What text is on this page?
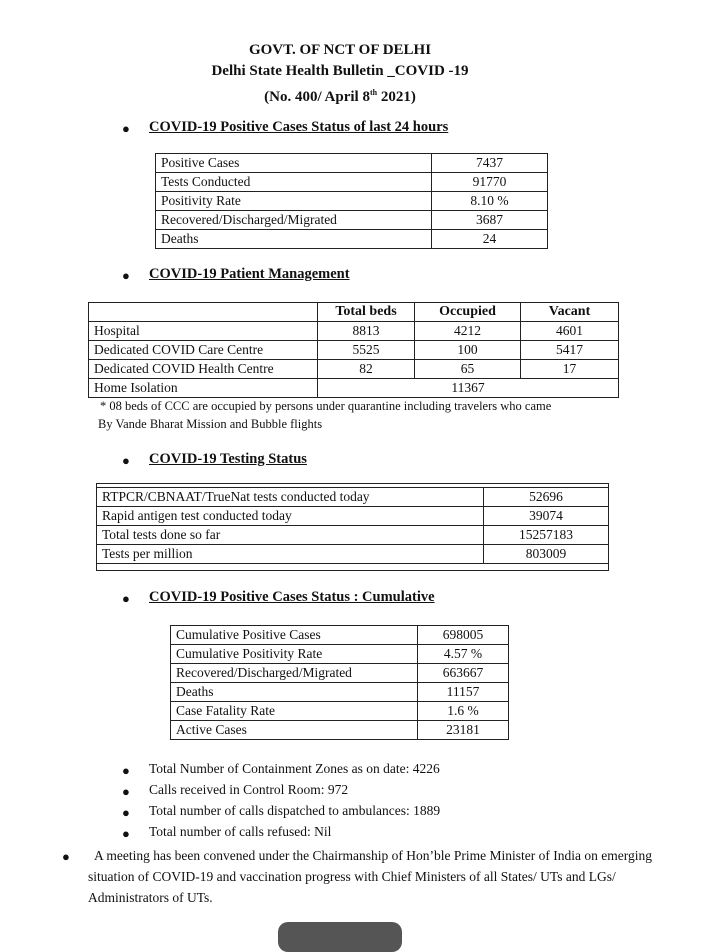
GOVT. OF NCT OF DELHI
Delhi State Health Bulletin _COVID -19
(No. 400/ April 8th 2021)
● COVID-19 Positive Cases Status of last 24 hours
Positive Cases	7437
Tests Conducted	91770
Positivity Rate	8.10 %
Recovered/Discharged/Migrated	3687
Deaths	24
● COVID-19 Patient Management
	Total beds	Occupied	Vacant
Hospital	8813	4212	4601
Dedicated COVID Care Centre	5525	100	5417
Dedicated COVID Health Centre	82	65	17
Home Isolation	11367		
* 08 beds of CCC are occupied by persons under quarantine including travelers who came
By Vande Bharat Mission and Bubble flights
● COVID-19 Testing Status
RTPCR/CBNAAT/TrueNat tests conducted today	52696
Rapid antigen test conducted today	39074
Total tests done so far	15257183
Tests per million	803009
● COVID-19 Positive Cases Status : Cumulative
Cumulative Positive Cases	698005
Cumulative Positivity Rate	4.57 %
Recovered/Discharged/Migrated	663667
Deaths	11157
Case Fatality Rate	1.6 %
Active Cases	23181
● Total Number of Containment Zones as on date: 4226
● Calls received in Control Room: 972
● Total number of calls dispatched to ambulances: 1889
● Total number of calls refused: Nil
●	A meeting has been convened under the Chairmanship of Hon’ble Prime Minister of India on emerging situation of COVID-19 and vaccination progress with Chief Ministers of all States/ UTs and LGs/ Administrators of UTs.
